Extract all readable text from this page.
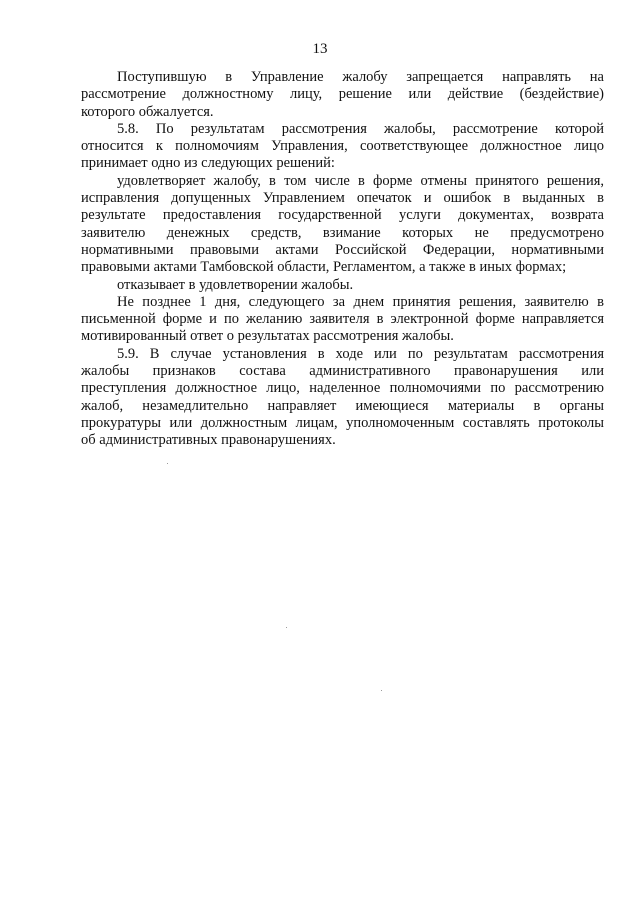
13

Поступившую в Управление жалобу запрещается направлять на
рассмотрение должностному лицу, решение или действие (бездействие)
которого обжалуется.

5.8. По результатам рассмотрения жалобы, рассмотрение которой
относится к полномочиям Управления, соответствующее должностное лицо
принимает одно из следующих решений:

удовлетворяет жалобу, в том числе в форме отмены принятого решения,
исправления допущенных Управлением опечаток и ошибок в выданных в
результате предоставления государственной услуги документах, возврата
заявителю денежных средств, взимание которых не предусмотрено
нормативными правовыми актами Российской Федерации, нормативными
правовыми актами Тамбовской области, Регламентом, а также в иных формах;

отказывает в удовлетворении жалобы.

Не позднее 1 дня, следующего за днем принятия решения, заявителю в
письменной форме и по желанию заявителя в электронной форме направляется
мотивированный ответ о результатах рассмотрения жалобы.

5.9. В случае установления в ходе или по результатам рассмотрения
жалобы признаков состава административного правонарушения или
преступления должностное лицо, наделенное полномочиями по рассмотрению
жалоб, незамедлительно направляет имеющиеся материалы в органы
прокуратуры или должностным лицам, уполномоченным составлять протоколы
об административных правонарушениях.
